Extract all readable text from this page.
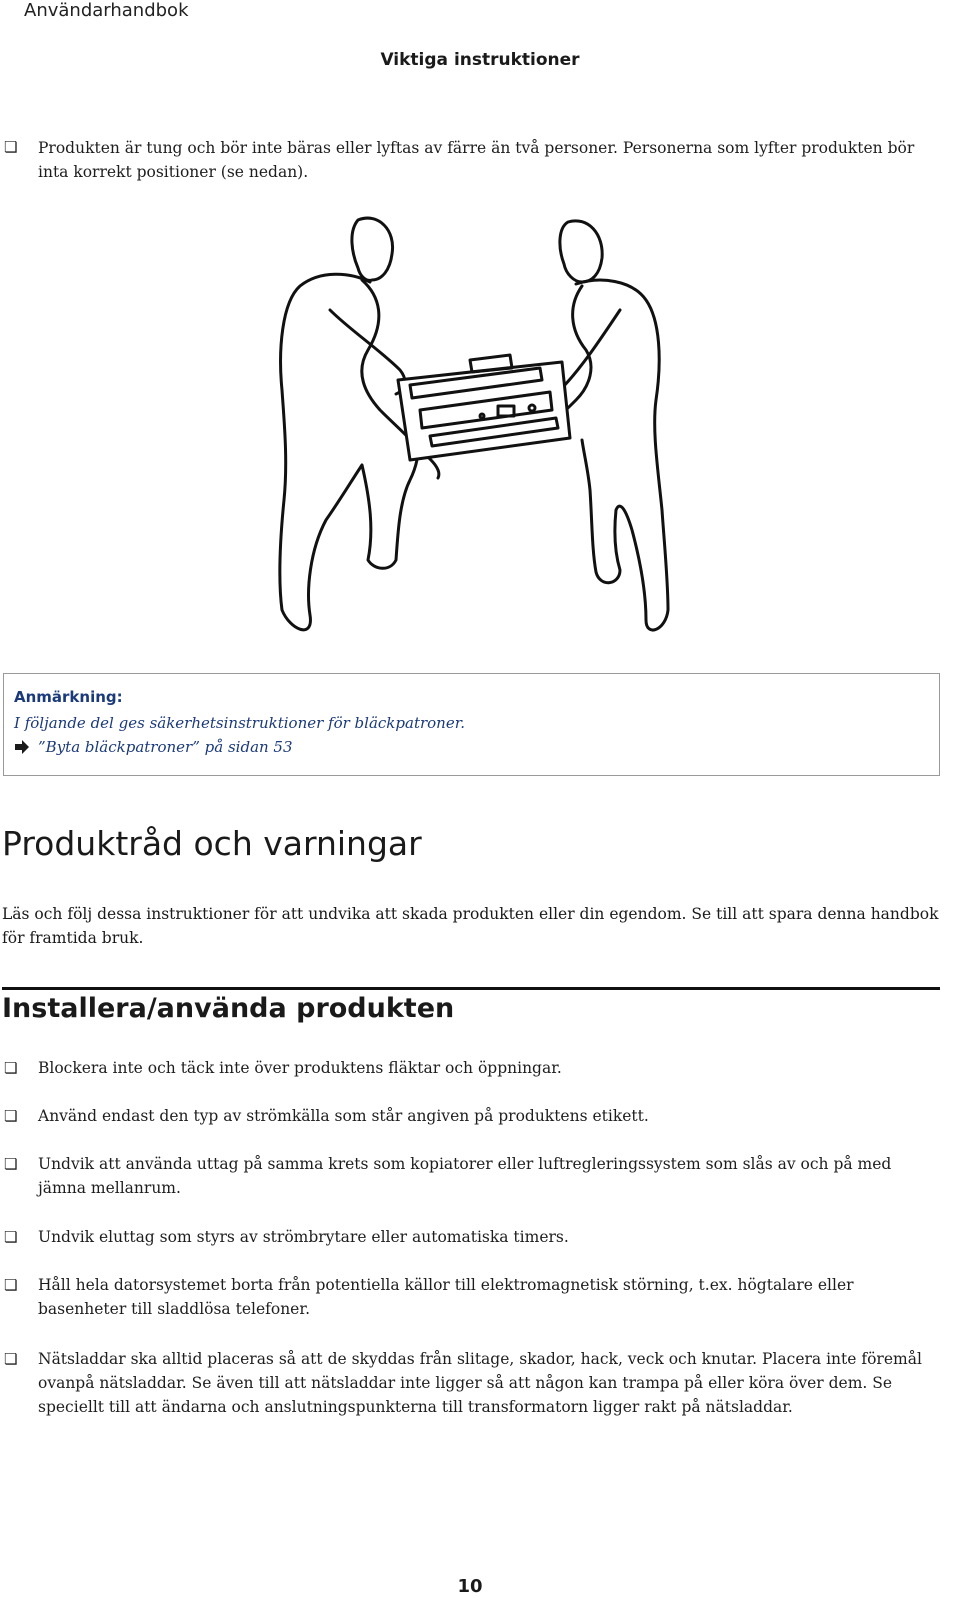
Användarhandbok
Viktiga instruktioner
❏ Produkten är tung och bör inte bäras eller lyftas av färre än två personer. Personerna som lyfter produkten bör inta korrekt positioner (se nedan).
Anmärkning:
I följande del ges säkerhetsinstruktioner för bläckpatroner.
”Byta bläckpatroner” på sidan 53
Produktråd och varningar
Läs och följ dessa instruktioner för att undvika att skada produkten eller din egendom. Se till att spara denna handbok för framtida bruk.
Installera/använda produkten
❏ Blockera inte och täck inte över produktens fläktar och öppningar.
❏ Använd endast den typ av strömkälla som står angiven på produktens etikett.
❏ Undvik att använda uttag på samma krets som kopiatorer eller luftregleringssystem som slås av och på med jämna mellanrum.
❏ Undvik eluttag som styrs av strömbrytare eller automatiska timers.
❏ Håll hela datorsystemet borta från potentiella källor till elektromagnetisk störning, t.ex. högtalare eller basenheter till sladdlösa telefoner.
❏ Nätsladdar ska alltid placeras så att de skyddas från slitage, skador, hack, veck och knutar. Placera inte föremål ovanpå nätsladdar. Se även till att nätsladdar inte ligger så att någon kan trampa på eller köra över dem. Se speciellt till att ändarna och anslutningspunkterna till transformatorn ligger rakt på nätsladdar.
10
